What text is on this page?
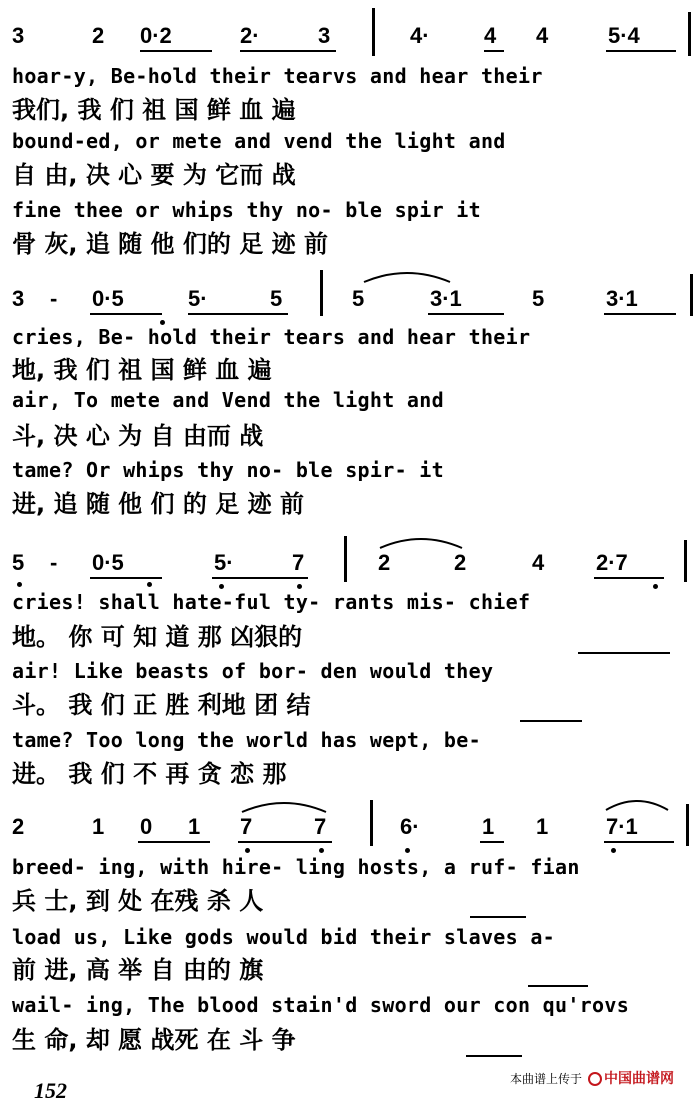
3	2 0·2	2·	3	4· 4 4	5·4
hoar-y, Be-hold their tearvs and hear their
我们, 我 们 祖 国 鲜 血 遍
bound-ed, or mete and vend the light and
自 由, 决 心 要 为 它而 战
fine thee or whips thy no- ble spir it
骨 灰, 追 随 他 们的 足 迹 前
3 - 0·5	5·	5	5	3·1	5	3·1
cries, Be- hold their tears and hear their
地, 我 们 祖 国 鲜 血 遍
air, To mete and Vend the light and
斗, 决 心 为 自 由而 战
tame? Or whips thy no- ble spir- it
进, 追 随 他 们 的 足 迹 前
5 - 0·5	5·	7	2	2	4 2·7
cries! shall hate-ful ty- rants mis- chief
地。 你 可 知 道 那 凶狠的
air! Like beasts of bor- den would they
斗。 我 们 正 胜 利地 团 结
tame? Too long the world has wept, be-
进。 我 们 不 再 贪 恋 那
2	1 0 1 7	7	6·	1 1	7·1
breed- ing, with hire- ling hosts, a ruf- fian
兵 士, 到 处 在残 杀 人
load us, Like gods would bid their slaves a-
前 进, 高 举 自 由的 旗
wail- ing, The blood stain'd sword our con qu'rovs
生 命, 却 愿 战死 在 斗 争
152	本曲谱上传于	中国曲谱网
